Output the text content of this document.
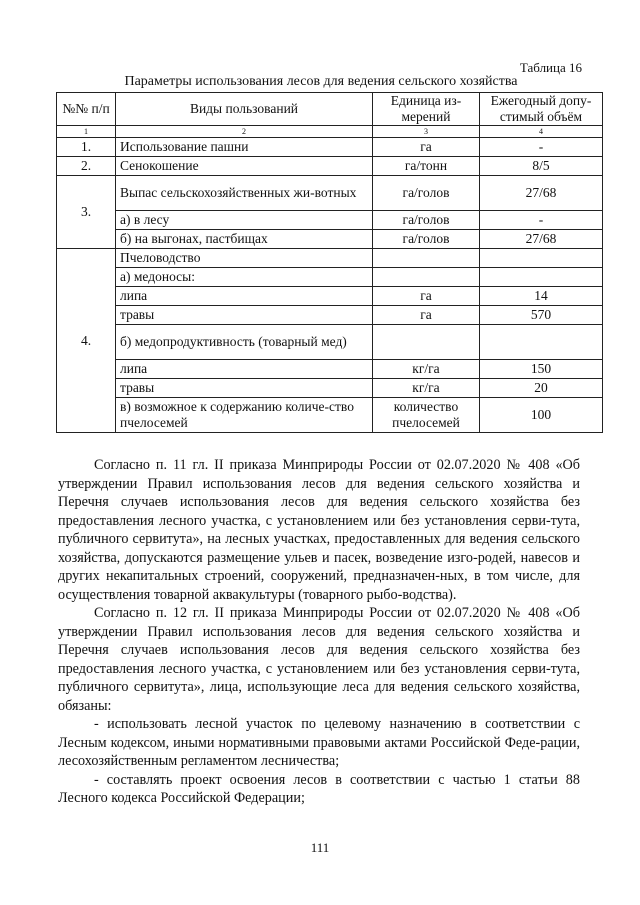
Таблица 16
Параметры использования лесов для ведения сельского хозяйства
№№ п/п	Виды пользований	Единица из-мерений	Ежегодный допу-стимый объём
1	2	3	4
1.	Использование пашни	га	-
2.	Сенокошение	га/тонн	8/5
3.	Выпас сельскохозяйственных жи-вотных	га/голов	27/68
	а) в лесу	га/голов	-
	б) на выгонах, пастбищах	га/голов	27/68
4.	Пчеловодство		
	а) медоносы:		
	липа	га	14
	травы	га	570
	б) медопродуктивность (товарный мед)		
	липа	кг/га	150
	травы	кг/га	20
	в) возможное к содержанию количе-ство пчелосемей	количество пчелосемей	100

Согласно п. 11 гл. II приказа Минприроды России от 02.07.2020 № 408 «Об утверждении Правил использования лесов для ведения сельского хозяйства и Перечня случаев использования лесов для ведения сельского хозяйства без предоставления лесного участка, с установлением или без установления серви-тута, публичного сервитута», на лесных участках, предоставленных для ведения сельского хозяйства, допускаются размещение ульев и пасек, возведение изго-родей, навесов и других некапитальных строений, сооружений, предназначен-ных, в том числе, для осуществления товарной аквакультуры (товарного рыбо-водства).

Согласно п. 12 гл. II приказа Минприроды России от 02.07.2020 № 408 «Об утверждении Правил использования лесов для ведения сельского хозяйства и Перечня случаев использования лесов для ведения сельского хозяйства без предоставления лесного участка, с установлением или без установления серви-тута, публичного сервитута», лица, использующие леса для ведения сельского хозяйства, обязаны:

- использовать лесной участок по целевому назначению в соответствии с Лесным кодексом, иными нормативными правовыми актами Российской Феде-рации, лесохозяйственным регламентом лесничества;

- составлять проект освоения лесов в соответствии с частью 1 статьи 88 Лесного кодекса Российской Федерации;

111
